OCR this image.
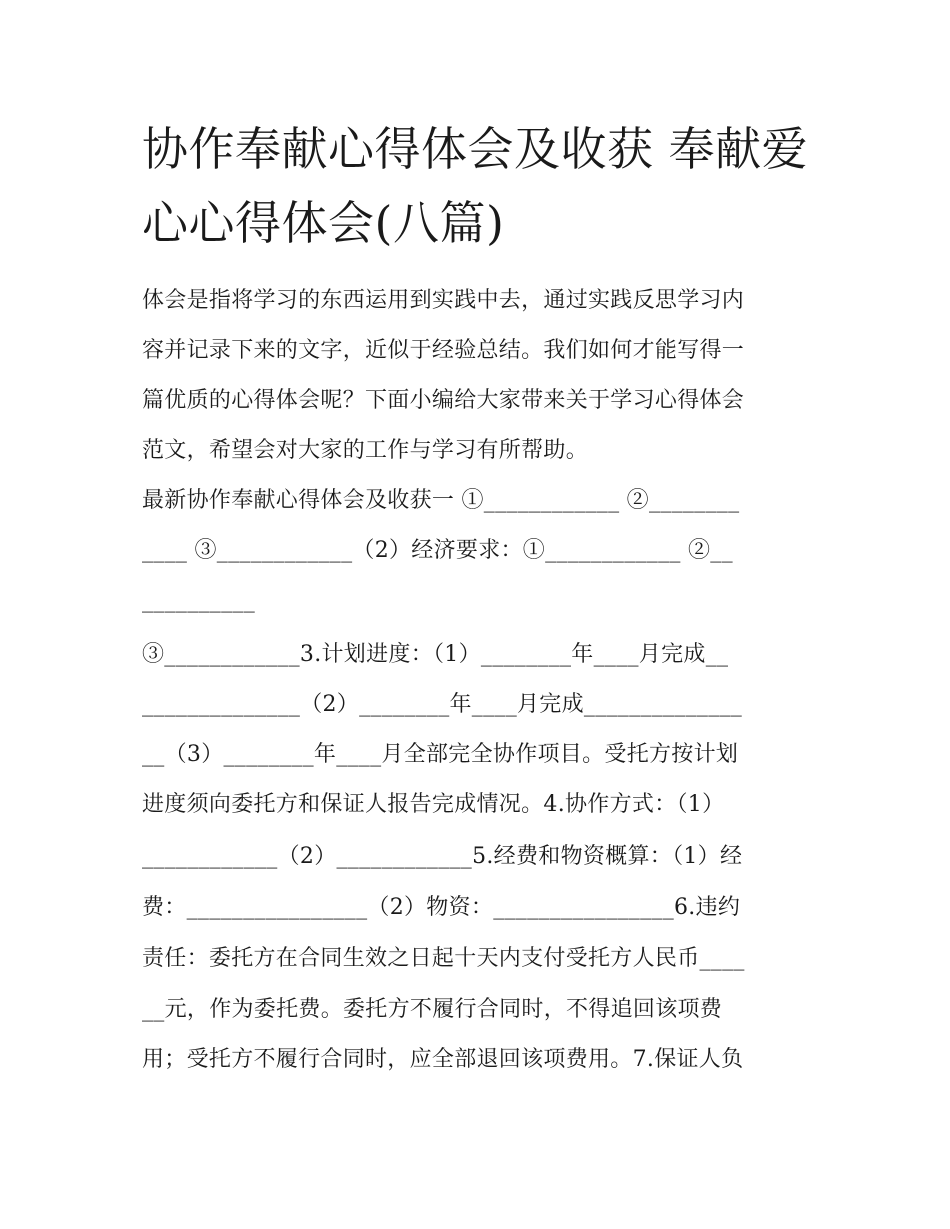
协作奉献心得体会及收获 奉献爱心心得体会(八篇)

体会是指将学习的东西运用到实践中去，通过实践反思学习内

容并记录下来的文字，近似于经验总结。我们如何才能写得一

篇优质的心得体会呢？下面小编给大家带来关于学习心得体会

范文，希望会对大家的工作与学习有所帮助。

最新协作奉献心得体会及收获一 ①____________ ②________

____ ③____________（2）经济要求：①____________ ②__

__________

③____________3.计划进度：（1）________年____月完成__

______________（2）________年____月完成______________

__（3）________年____月全部完全协作项目。受托方按计划

进度须向委托方和保证人报告完成情况。4.协作方式：（1）

____________（2）____________5.经费和物资概算：（1）经

费：________________（2）物资：________________6.违约

责任：委托方在合同生效之日起十天内支付受托方人民币____

__元，作为委托费。委托方不履行合同时，不得追回该项费

用；受托方不履行合同时，应全部退回该项费用。7.保证人负
